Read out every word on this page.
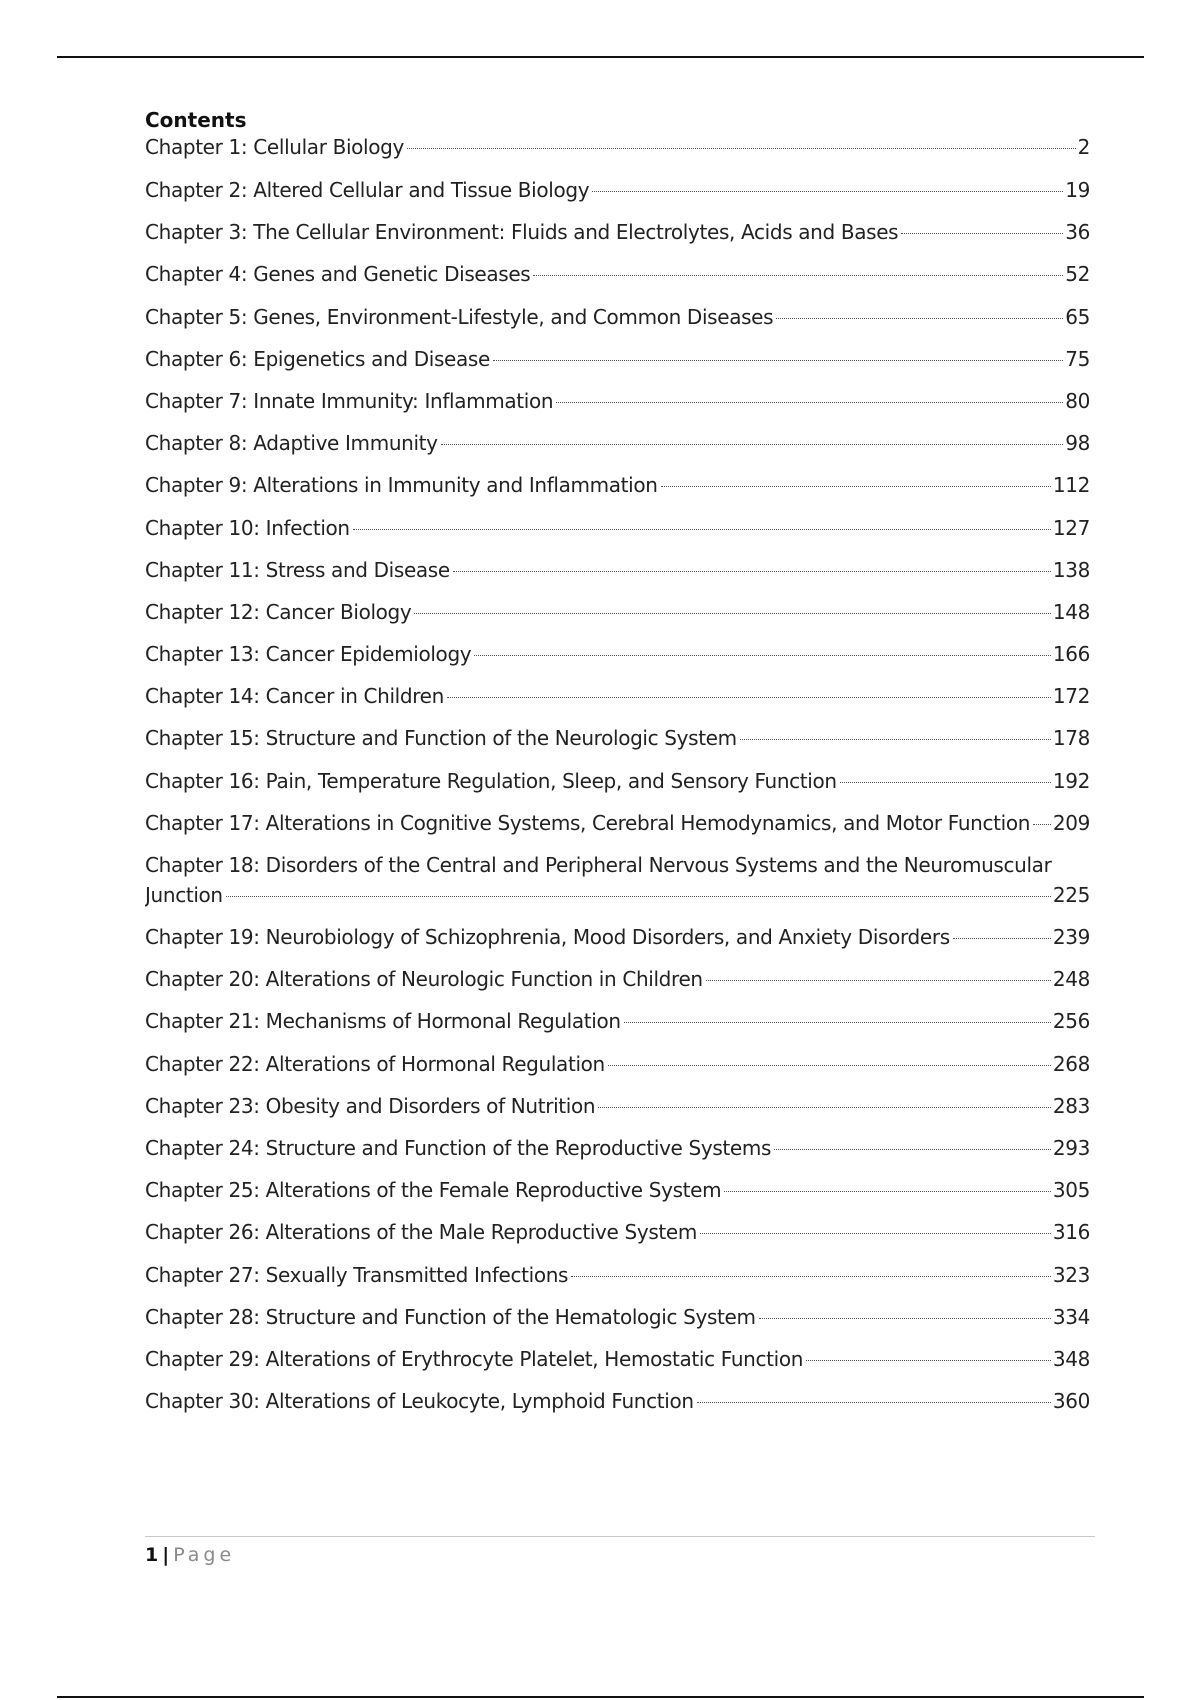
Contents
Chapter 1: Cellular Biology	2
Chapter 2: Altered Cellular and Tissue Biology	19
Chapter 3: The Cellular Environment: Fluids and Electrolytes, Acids and Bases	36
Chapter 4: Genes and Genetic Diseases	52
Chapter 5: Genes, Environment-Lifestyle, and Common Diseases	65
Chapter 6: Epigenetics and Disease	75
Chapter 7: Innate Immunity: Inflammation	80
Chapter 8: Adaptive Immunity	98
Chapter 9: Alterations in Immunity and Inflammation	112
Chapter 10: Infection	127
Chapter 11: Stress and Disease	138
Chapter 12: Cancer Biology	148
Chapter 13: Cancer Epidemiology	166
Chapter 14: Cancer in Children	172
Chapter 15: Structure and Function of the Neurologic System	178
Chapter 16: Pain, Temperature Regulation, Sleep, and Sensory Function	192
Chapter 17: Alterations in Cognitive Systems, Cerebral Hemodynamics, and Motor Function 209
Chapter 18: Disorders of the Central and Peripheral Nervous Systems and the Neuromuscular
Junction	225
Chapter 19: Neurobiology of Schizophrenia, Mood Disorders, and Anxiety Disorders	239
Chapter 20: Alterations of Neurologic Function in Children	248
Chapter 21: Mechanisms of Hormonal Regulation	256
Chapter 22: Alterations of Hormonal Regulation	268
Chapter 23: Obesity and Disorders of Nutrition	283
Chapter 24: Structure and Function of the Reproductive Systems	293
Chapter 25: Alterations of the Female Reproductive System	305
Chapter 26: Alterations of the Male Reproductive System	316
Chapter 27: Sexually Transmitted Infections	323
Chapter 28: Structure and Function of the Hematologic System	334
Chapter 29: Alterations of Erythrocyte Platelet, Hemostatic Function	348
Chapter 30: Alterations of Leukocyte, Lymphoid Function	360
1 | Page
